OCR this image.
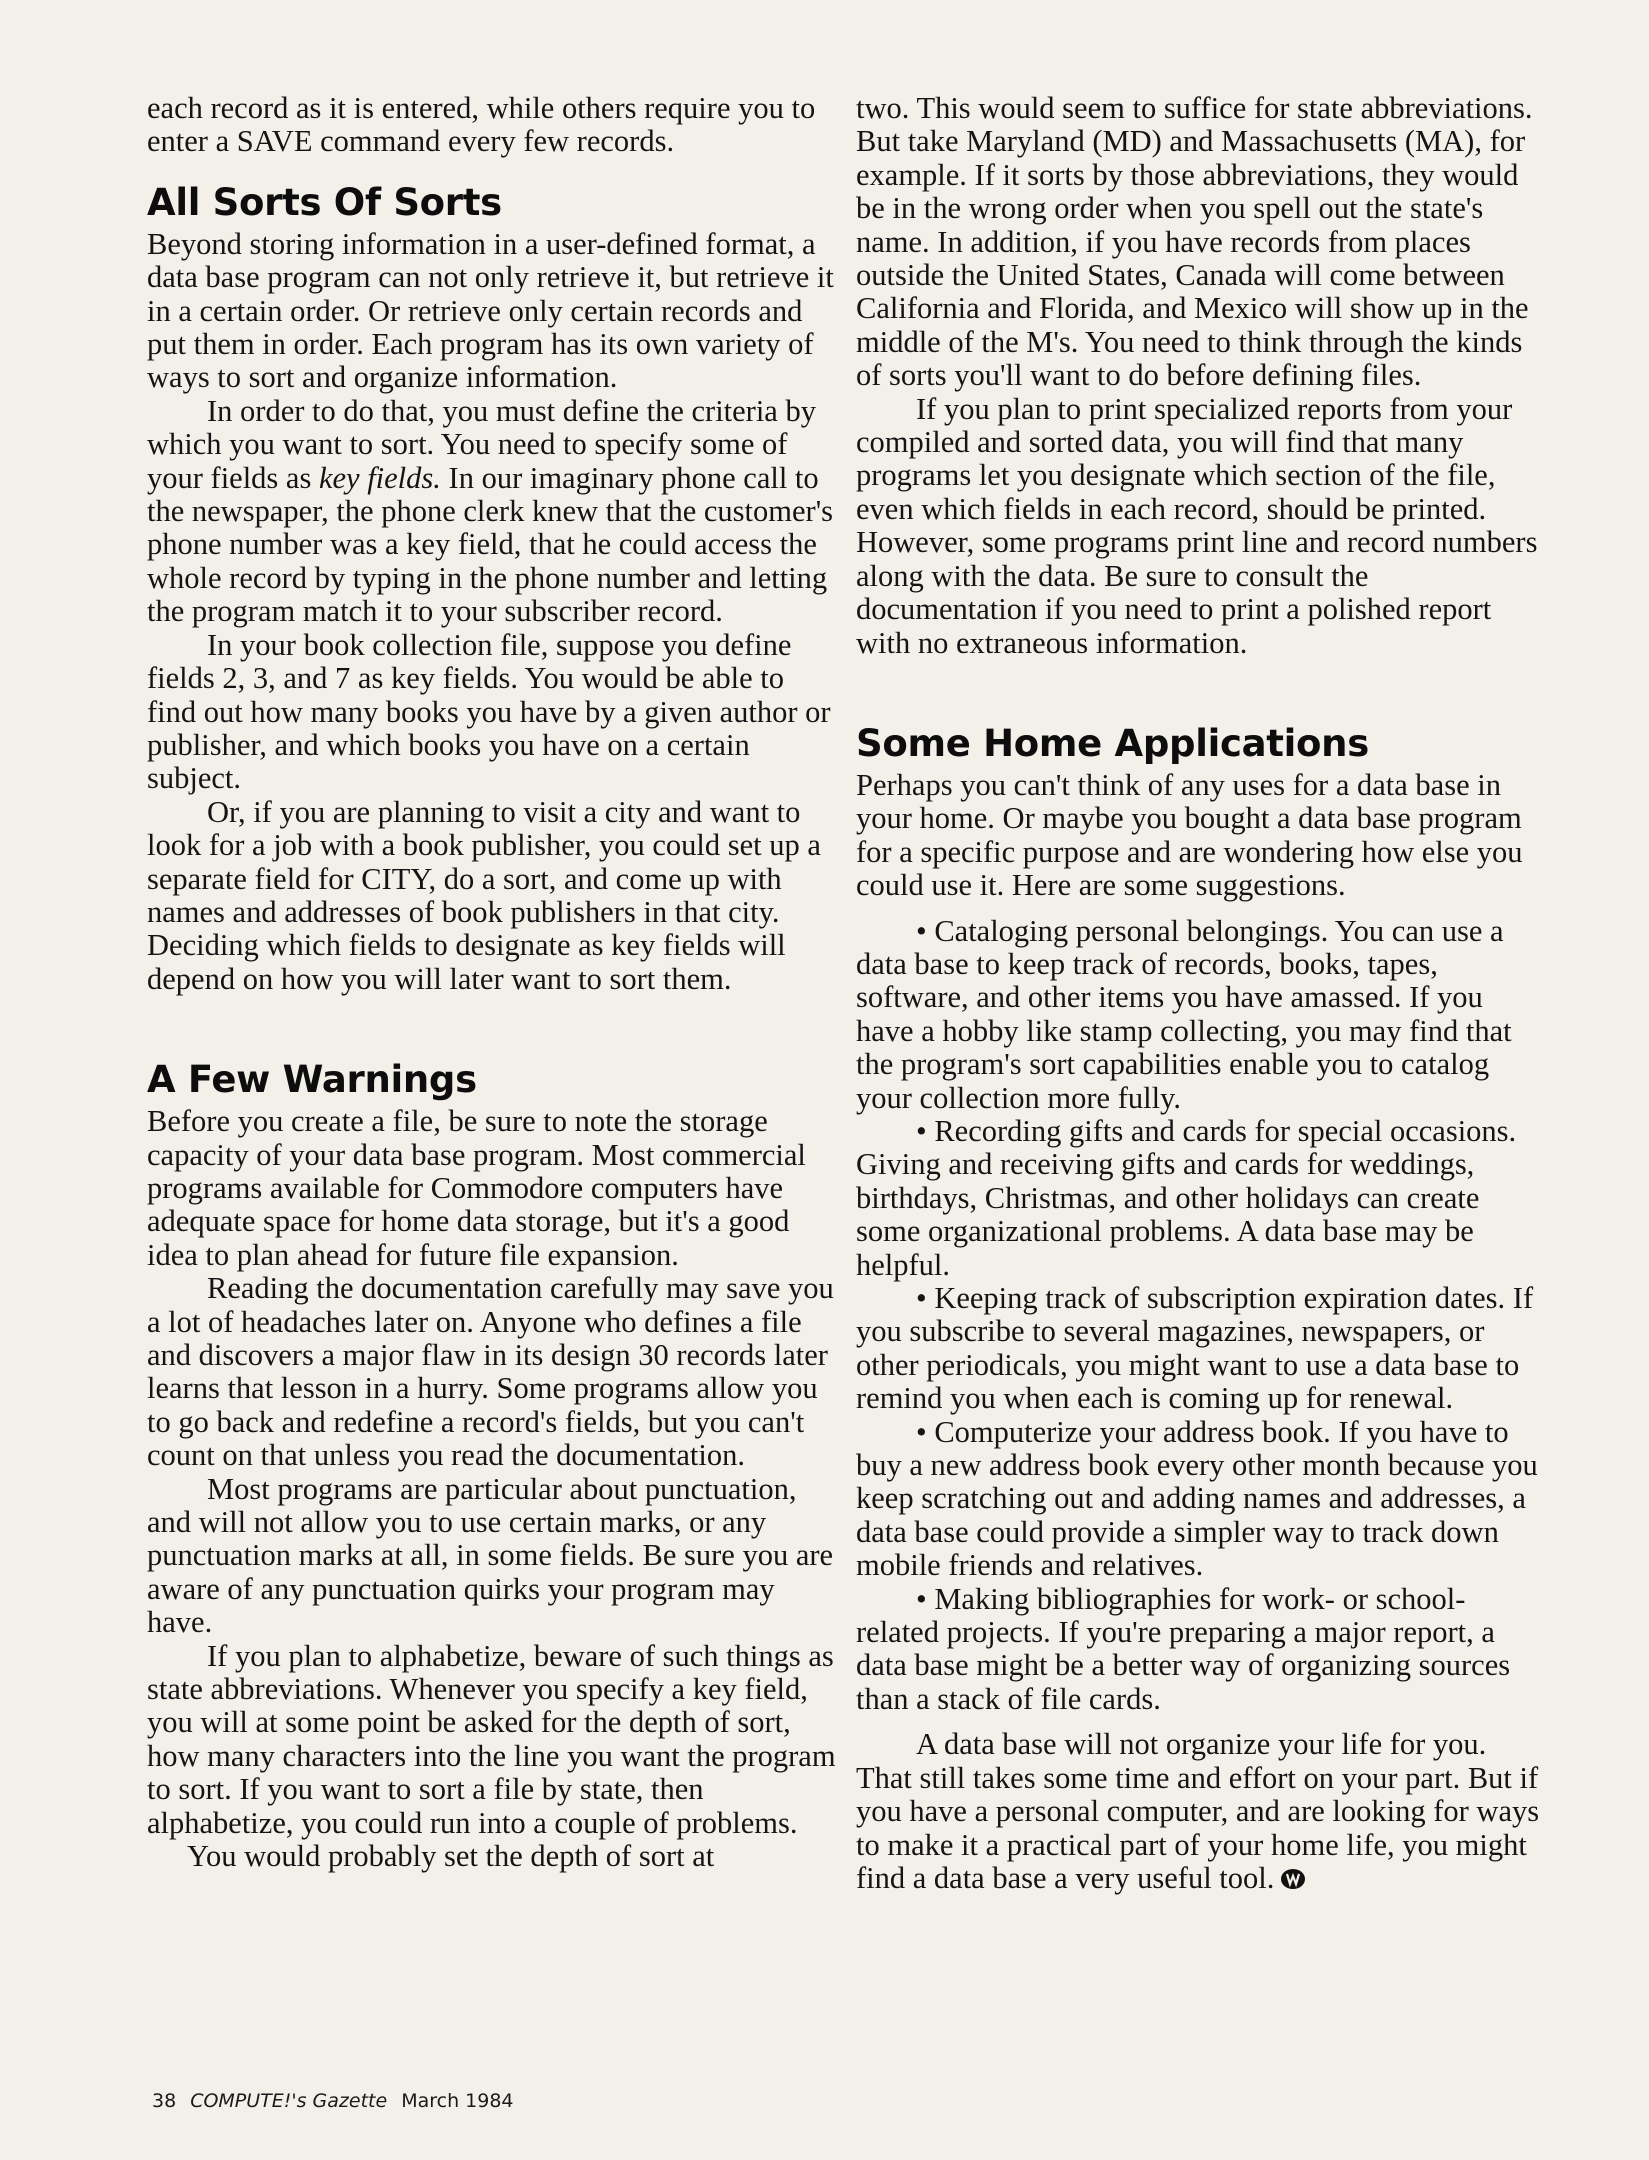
each record as it is entered, while others require you to enter a SAVE command every few records.

All Sorts Of Sorts

Beyond storing information in a user-defined format, a data base program can not only retrieve it, but retrieve it in a certain order. Or retrieve only certain records and put them in order. Each program has its own variety of ways to sort and organize information.

In order to do that, you must define the criteria by which you want to sort. You need to specify some of your fields as key fields. In our imaginary phone call to the newspaper, the phone clerk knew that the customer's phone number was a key field, that he could access the whole record by typing in the phone number and letting the program match it to your subscriber record.

In your book collection file, suppose you define fields 2, 3, and 7 as key fields. You would be able to find out how many books you have by a given author or publisher, and which books you have on a certain subject.

Or, if you are planning to visit a city and want to look for a job with a book publisher, you could set up a separate field for CITY, do a sort, and come up with names and addresses of book publishers in that city. Deciding which fields to designate as key fields will depend on how you will later want to sort them.

A Few Warnings

Before you create a file, be sure to note the storage capacity of your data base program. Most commercial programs available for Commodore computers have adequate space for home data storage, but it's a good idea to plan ahead for future file expansion.

Reading the documentation carefully may save you a lot of headaches later on. Anyone who defines a file and discovers a major flaw in its design 30 records later learns that lesson in a hurry. Some programs allow you to go back and redefine a record's fields, but you can't count on that unless you read the documentation.

Most programs are particular about punctuation, and will not allow you to use certain marks, or any punctuation marks at all, in some fields. Be sure you are aware of any punctuation quirks your program may have.

If you plan to alphabetize, beware of such things as state abbreviations. Whenever you specify a key field, you will at some point be asked for the depth of sort, how many characters into the line you want the program to sort. If you want to sort a file by state, then alphabetize, you could run into a couple of problems.

You would probably set the depth of sort at

two. This would seem to suffice for state abbreviations. But take Maryland (MD) and Massachusetts (MA), for example. If it sorts by those abbreviations, they would be in the wrong order when you spell out the state's name. In addition, if you have records from places outside the United States, Canada will come between California and Florida, and Mexico will show up in the middle of the M's. You need to think through the kinds of sorts you'll want to do before defining files.

If you plan to print specialized reports from your compiled and sorted data, you will find that many programs let you designate which section of the file, even which fields in each record, should be printed. However, some programs print line and record numbers along with the data. Be sure to consult the documentation if you need to print a polished report with no extraneous information.

Some Home Applications

Perhaps you can't think of any uses for a data base in your home. Or maybe you bought a data base program for a specific purpose and are wondering how else you could use it. Here are some suggestions.

• Cataloging personal belongings. You can use a data base to keep track of records, books, tapes, software, and other items you have amassed. If you have a hobby like stamp collecting, you may find that the program's sort capabilities enable you to catalog your collection more fully.

• Recording gifts and cards for special occasions. Giving and receiving gifts and cards for weddings, birthdays, Christmas, and other holidays can create some organizational problems. A data base may be helpful.

• Keeping track of subscription expiration dates. If you subscribe to several magazines, newspapers, or other periodicals, you might want to use a data base to remind you when each is coming up for renewal.

• Computerize your address book. If you have to buy a new address book every other month because you keep scratching out and adding names and addresses, a data base could provide a simpler way to track down mobile friends and relatives.

• Making bibliographies for work- or school-related projects. If you're preparing a major report, a data base might be a better way of organizing sources than a stack of file cards.

A data base will not organize your life for you. That still takes some time and effort on your part. But if you have a personal computer, and are looking for ways to make it a practical part of your home life, you might find a data base a very useful tool.

38 COMPUTE!'s Gazette March 1984
